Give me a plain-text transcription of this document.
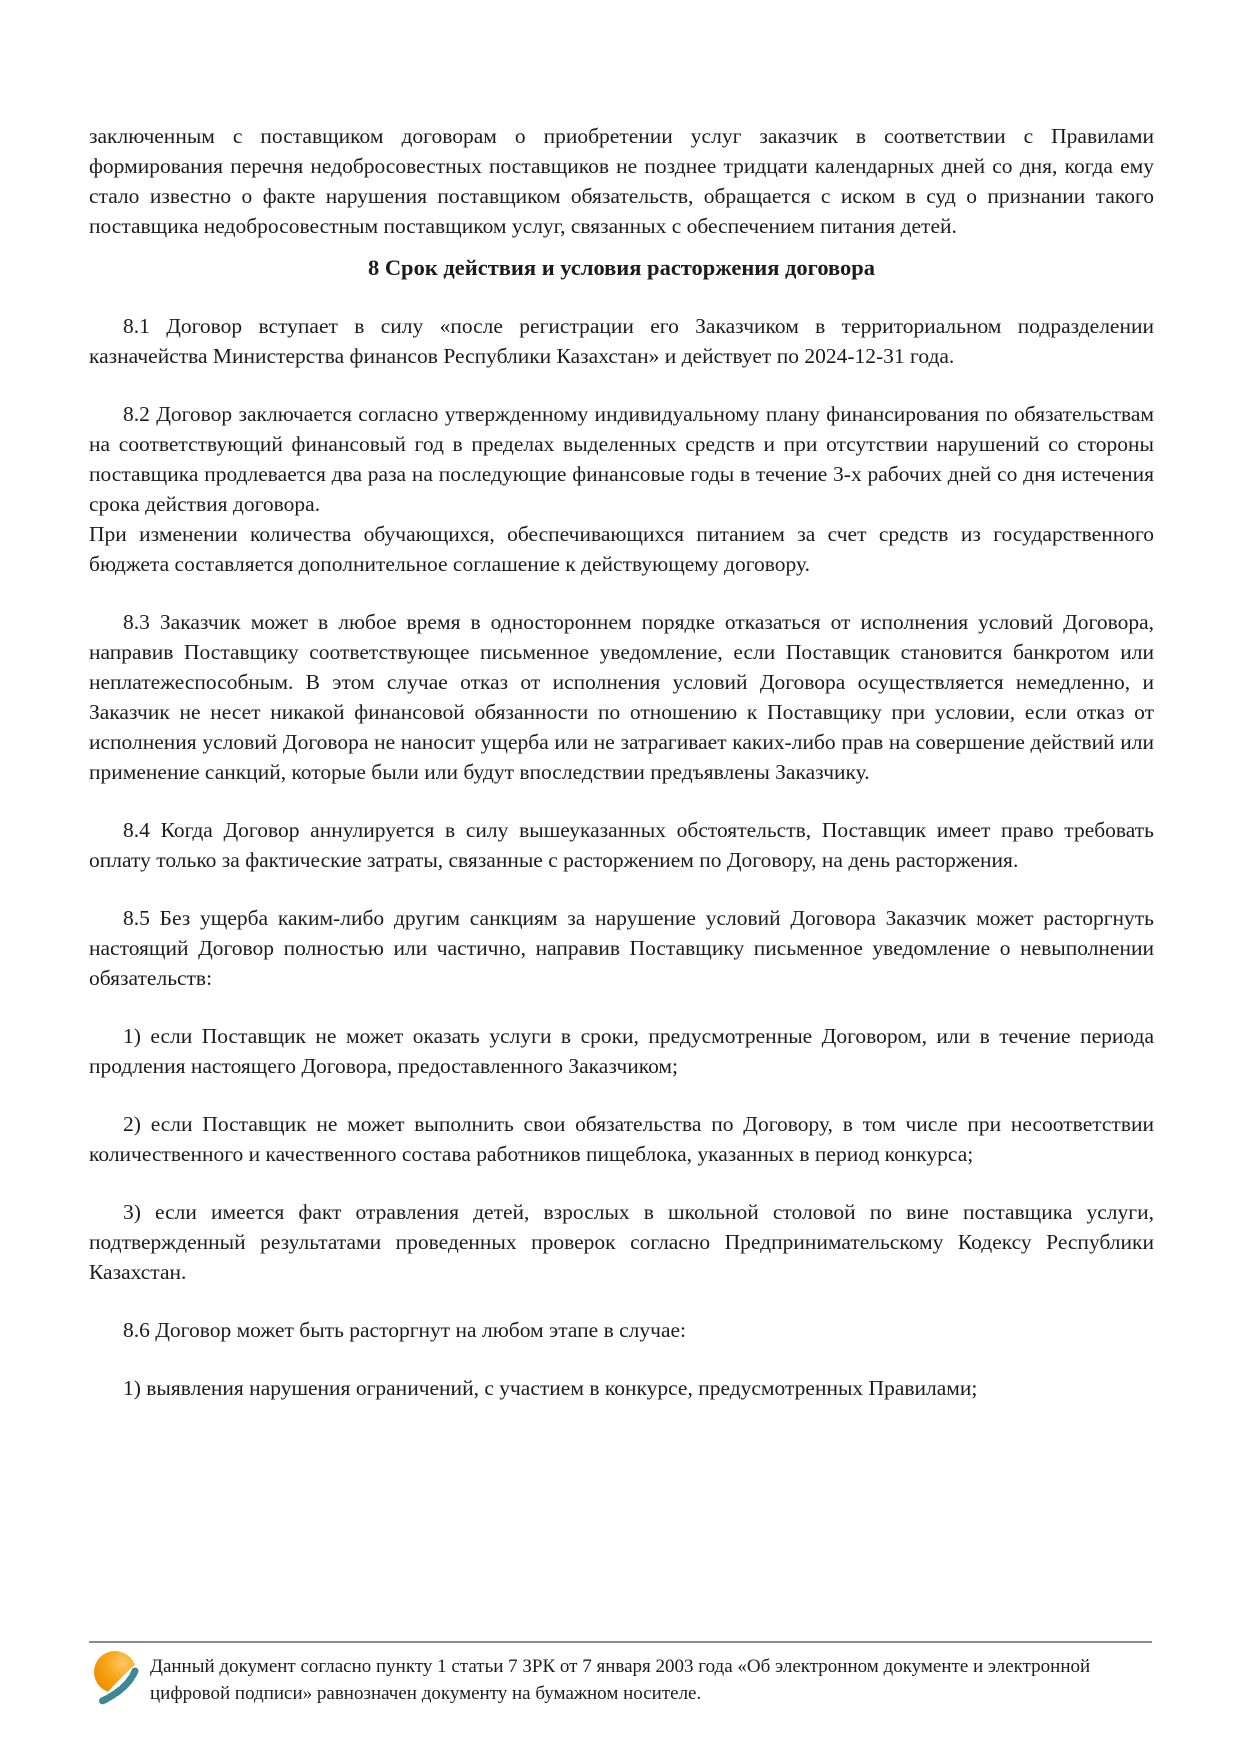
заключенным с поставщиком договорам о приобретении услуг заказчик в соответствии с Правилами формирования перечня недобросовестных поставщиков не позднее тридцати календарных дней со дня, когда ему стало известно о факте нарушения поставщиком обязательств, обращается с иском в суд о признании такого поставщика недобросовестным поставщиком услуг, связанных с обеспечением питания детей.

8 Срок действия и условия расторжения договора

8.1 Договор вступает в силу «после регистрации его Заказчиком в территориальном подразделении казначейства Министерства финансов Республики Казахстан» и действует по 2024-12-31 года.

8.2 Договор заключается согласно утвержденному индивидуальному плану финансирования по обязательствам на соответствующий финансовый год в пределах выделенных средств и при отсутствии нарушений со стороны поставщика продлевается два раза на последующие финансовые годы в течение 3-х рабочих дней со дня истечения срока действия договора.

При изменении количества обучающихся, обеспечивающихся питанием за счет средств из государственного бюджета составляется дополнительное соглашение к действующему договору.

8.3 Заказчик может в любое время в одностороннем порядке отказаться от исполнения условий Договора, направив Поставщику соответствующее письменное уведомление, если Поставщик становится банкротом или неплатежеспособным. В этом случае отказ от исполнения условий Договора осуществляется немедленно, и Заказчик не несет никакой финансовой обязанности по отношению к Поставщику при условии, если отказ от исполнения условий Договора не наносит ущерба или не затрагивает каких-либо прав на совершение действий или применение санкций, которые были или будут впоследствии предъявлены Заказчику.

8.4 Когда Договор аннулируется в силу вышеуказанных обстоятельств, Поставщик имеет право требовать оплату только за фактические затраты, связанные с расторжением по Договору, на день расторжения.

8.5 Без ущерба каким-либо другим санкциям за нарушение условий Договора Заказчик может расторгнуть настоящий Договор полностью или частично, направив Поставщику письменное уведомление о невыполнении обязательств:

1) если Поставщик не может оказать услуги в сроки, предусмотренные Договором, или в течение периода продления настоящего Договора, предоставленного Заказчиком;

2) если Поставщик не может выполнить свои обязательства по Договору, в том числе при несоответствии количественного и качественного состава работников пищеблока, указанных в период конкурса;

3) если имеется факт отравления детей, взрослых в школьной столовой по вине поставщика услуги, подтвержденный результатами проведенных проверок согласно Предпринимательскому Кодексу Республики Казахстан.

8.6 Договор может быть расторгнут на любом этапе в случае:

1) выявления нарушения ограничений, с участием в конкурсе, предусмотренных Правилами;

Данный документ согласно пункту 1 статьи 7 ЗРК от 7 января 2003 года «Об электронном документе и электронной цифровой подписи» равнозначен документу на бумажном носителе.
